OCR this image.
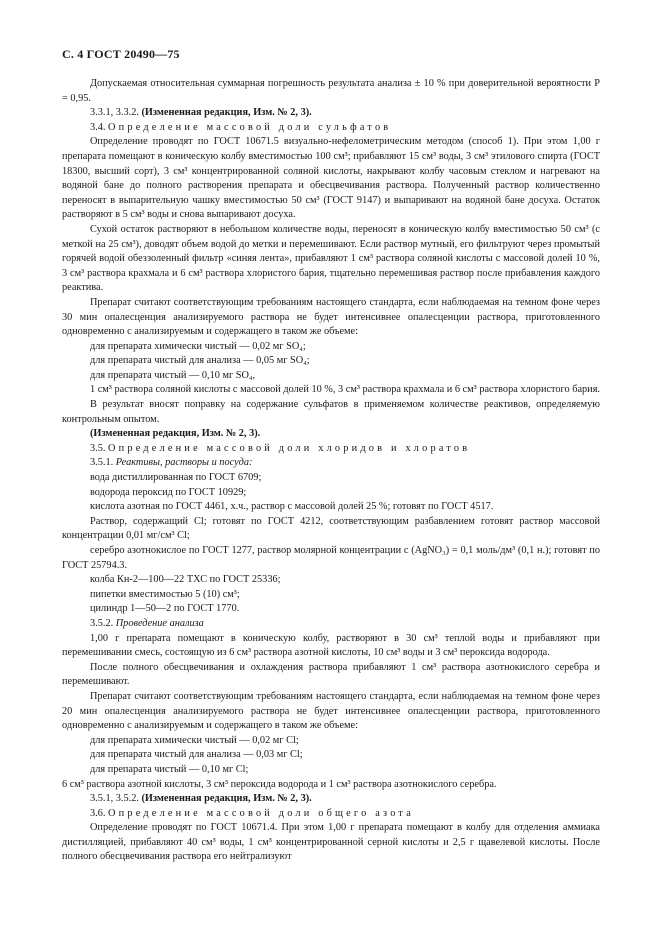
С. 4 ГОСТ 20490—75

Допускаемая относительная суммарная погрешность результата анализа ± 10 % при доверительной вероятности P = 0,95.

3.3.1, 3.3.2. (Измененная редакция, Изм. № 2, 3).

3.4. Определение массовой доли сульфатов

Определение проводят по ГОСТ 10671.5 визуально-нефелометрическим методом (способ 1). При этом 1,00 г препарата помещают в коническую колбу вместимостью 100 см³; прибавляют 15 см³ воды, 3 см³ этилового спирта (ГОСТ 18300, высший сорт), 3 см³ концентрированной соляной кислоты, накрывают колбу часовым стеклом и нагревают на водяной бане до полного растворения препарата и обесцвечивания раствора. Полученный раствор количественно переносят в выпарительную чашку вместимостью 50 см³ (ГОСТ 9147) и выпаривают на водяной бане досуха. Остаток растворяют в 5 см³ воды и снова выпаривают досуха.

Сухой остаток растворяют в небольшом количестве воды, переносят в коническую колбу вместимостью 50 см³ (с меткой на 25 см³), доводят объем водой до метки и перемешивают. Если раствор мутный, его фильтруют через промытый горячей водой обеззоленный фильтр «синяя лента», прибавляют 1 см³ раствора соляной кислоты с массовой долей 10 %, 3 см³ раствора крахмала и 6 см³ раствора хлористого бария, тщательно перемешивая раствор после прибавления каждого реактива.

Препарат считают соответствующим требованиям настоящего стандарта, если наблюдаемая на темном фоне через 30 мин опалесценция анализируемого раствора не будет интенсивнее опалесценции раствора, приготовленного одновременно с анализируемым и содержащего в таком же объеме:

для препарата химически чистый — 0,02 мг SO₄;

для препарата чистый для анализа — 0,05 мг SO₄;

для препарата чистый — 0,10 мг SO₄,

1 см³ раствора соляной кислоты с массовой долей 10 %, 3 см³ раствора крахмала и 6 см³ раствора хлористого бария.

В результат вносят поправку на содержание сульфатов в применяемом количестве реактивов, определяемую контрольным опытом.

(Измененная редакция, Изм. № 2, 3).

3.5. Определение массовой доли хлоридов и хлоратов

3.5.1. Реактивы, растворы и посуда:

вода дистиллированная по ГОСТ 6709;

водорода пероксид по ГОСТ 10929;

кислота азотная по ГОСТ 4461, х.ч., раствор с массовой долей 25 %; готовят по ГОСТ 4517.

Раствор, содержащий Cl; готовят по ГОСТ 4212, соответствующим разбавлением готовят раствор массовой концентрации 0,01 мг/см³ Cl;

серебро азотнокислое по ГОСТ 1277, раствор молярной концентрации c (AgNO₃) = 0,1 моль/дм³ (0,1 н.); готовят по ГОСТ 25794.3.

колба Кн-2—100—22 ТХС по ГОСТ 25336;

пипетки вместимостью 5 (10) см³;

цилиндр 1—50—2 по ГОСТ 1770.

3.5.2. Проведение анализа

1,00 г препарата помещают в коническую колбу, растворяют в 30 см³ теплой воды и прибавляют при перемешивании смесь, состоящую из 6 см³ раствора азотной кислоты, 10 см³ воды и 3 см³ пероксида водорода.

После полного обесцвечивания и охлаждения раствора прибавляют 1 см³ раствора азотнокислого серебра и перемешивают.

Препарат считают соответствующим требованиям настоящего стандарта, если наблюдаемая на темном фоне через 20 мин опалесценция анализируемого раствора не будет интенсивнее опалесценции раствора, приготовленного одновременно с анализируемым и содержащего в таком же объеме:

для препарата химически чистый — 0,02 мг Cl;

для препарата чистый для анализа — 0,03 мг Cl;

для препарата чистый — 0,10 мг Cl;

6 см³ раствора азотной кислоты, 3 см³ пероксида водорода и 1 см³ раствора азотнокислого серебра.

3.5.1, 3.5.2. (Измененная редакция, Изм. № 2, 3).

3.6. Определение массовой доли общего азота

Определение проводят по ГОСТ 10671.4. При этом 1,00 г препарата помещают в колбу для отделения аммиака дистилляцией, прибавляют 40 см³ воды, 1 см³ концентрированной серной кислоты и 2,5 г щавелевой кислоты. После полного обесцвечивания раствора его нейтрализуют
